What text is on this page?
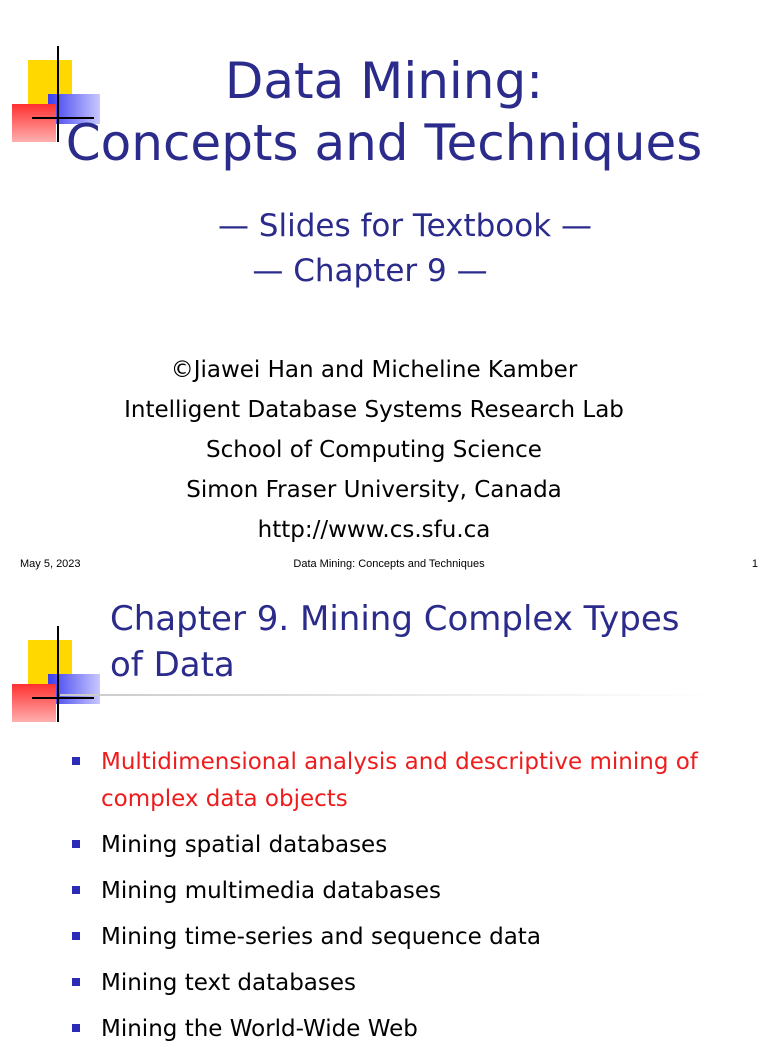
Data Mining:
Concepts and Techniques
— Slides for Textbook —
— Chapter 9 —
©Jiawei Han and Micheline Kamber
Intelligent Database Systems Research Lab
School of Computing Science
Simon Fraser University, Canada
http://www.cs.sfu.ca
May 5, 2023	Data Mining: Concepts and Techniques	1
Chapter 9. Mining Complex Types
of Data
Multidimensional analysis and descriptive mining of complex data objects
Mining spatial databases
Mining multimedia databases
Mining time-series and sequence data
Mining text databases
Mining the World-Wide Web
